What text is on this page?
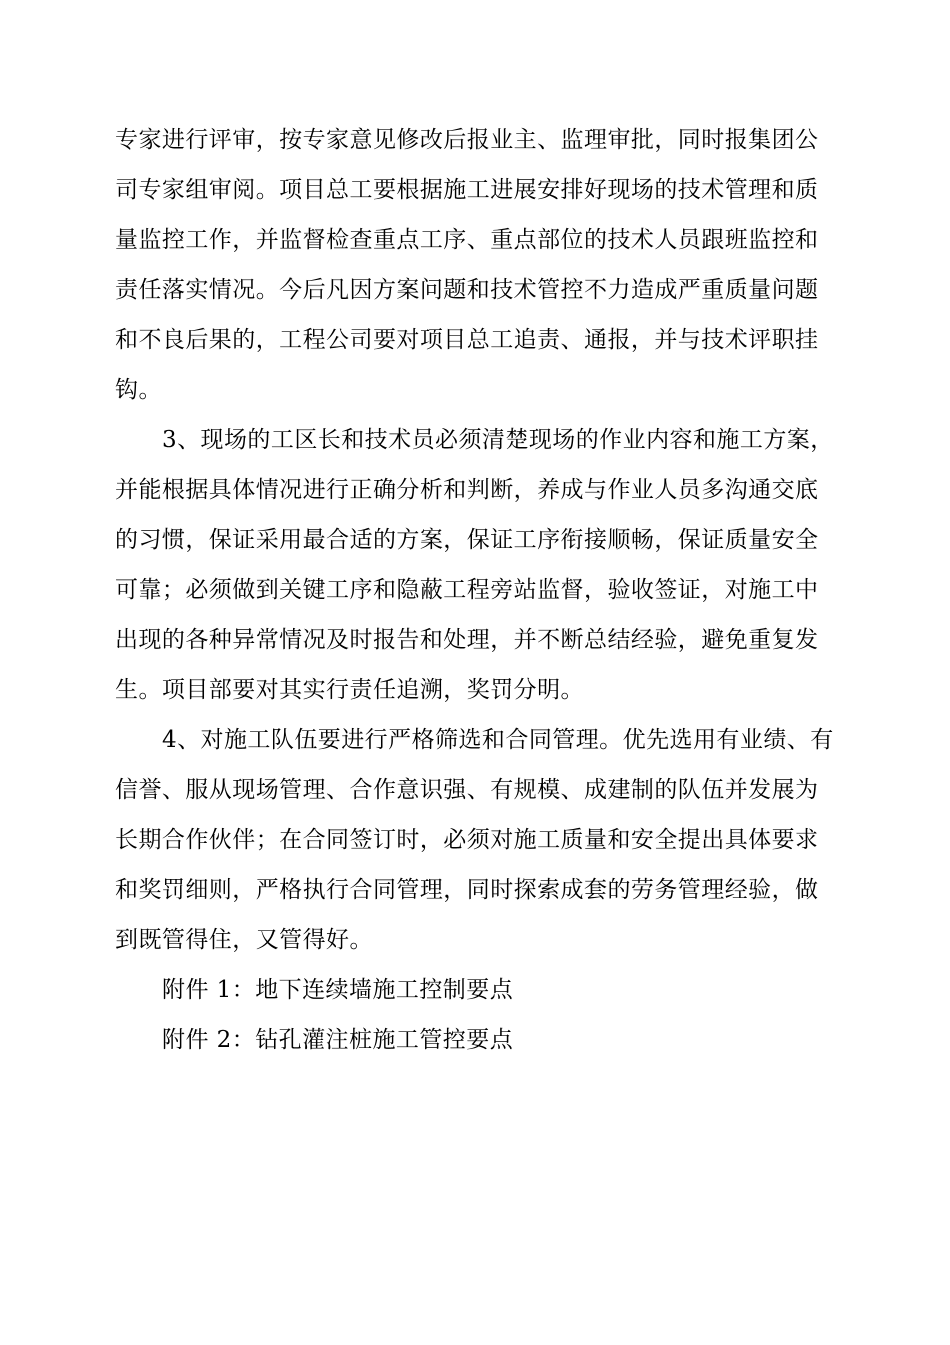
专家进行评审，按专家意见修改后报业主、监理审批，同时报集团公
司专家组审阅。项目总工要根据施工进展安排好现场的技术管理和质
量监控工作，并监督检查重点工序、重点部位的技术人员跟班监控和
责任落实情况。今后凡因方案问题和技术管控不力造成严重质量问题
和不良后果的，工程公司要对项目总工追责、通报，并与技术评职挂
钩。
3、现场的工区长和技术员必须清楚现场的作业内容和施工方案，
并能根据具体情况进行正确分析和判断，养成与作业人员多沟通交底
的习惯，保证采用最合适的方案，保证工序衔接顺畅，保证质量安全
可靠；必须做到关键工序和隐蔽工程旁站监督，验收签证，对施工中
出现的各种异常情况及时报告和处理，并不断总结经验，避免重复发
生。项目部要对其实行责任追溯，奖罚分明。
4、对施工队伍要进行严格筛选和合同管理。优先选用有业绩、有
信誉、服从现场管理、合作意识强、有规模、成建制的队伍并发展为
长期合作伙伴；在合同签订时，必须对施工质量和安全提出具体要求
和奖罚细则，严格执行合同管理，同时探索成套的劳务管理经验，做
到既管得住，又管得好。
附件 1：地下连续墙施工控制要点
附件 2：钻孔灌注桩施工管控要点
